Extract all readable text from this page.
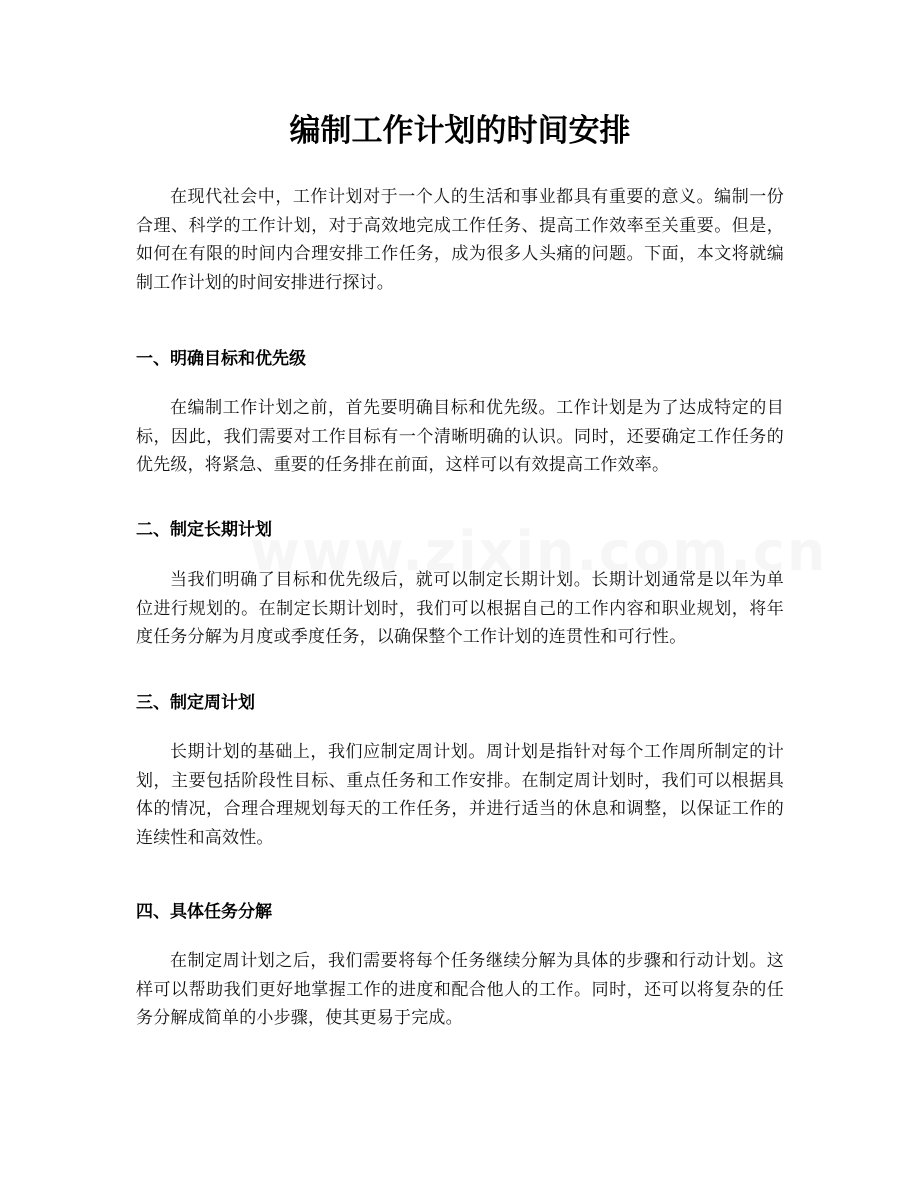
编制工作计划的时间安排

在现代社会中，工作计划对于一个人的生活和事业都具有重要的意义。编制一份合理、科学的工作计划，对于高效地完成工作任务、提高工作效率至关重要。但是，如何在有限的时间内合理安排工作任务，成为很多人头痛的问题。下面，本文将就编制工作计划的时间安排进行探讨。

一、明确目标和优先级

在编制工作计划之前，首先要明确目标和优先级。工作计划是为了达成特定的目标，因此，我们需要对工作目标有一个清晰明确的认识。同时，还要确定工作任务的优先级，将紧急、重要的任务排在前面，这样可以有效提高工作效率。

二、制定长期计划

当我们明确了目标和优先级后，就可以制定长期计划。长期计划通常是以年为单位进行规划的。在制定长期计划时，我们可以根据自己的工作内容和职业规划，将年度任务分解为月度或季度任务，以确保整个工作计划的连贯性和可行性。

三、制定周计划

长期计划的基础上，我们应制定周计划。周计划是指针对每个工作周所制定的计划，主要包括阶段性目标、重点任务和工作安排。在制定周计划时，我们可以根据具体的情况，合理合理规划每天的工作任务，并进行适当的休息和调整，以保证工作的连续性和高效性。

四、具体任务分解

在制定周计划之后，我们需要将每个任务继续分解为具体的步骤和行动计划。这样可以帮助我们更好地掌握工作的进度和配合他人的工作。同时，还可以将复杂的任务分解成简单的小步骤，使其更易于完成。
